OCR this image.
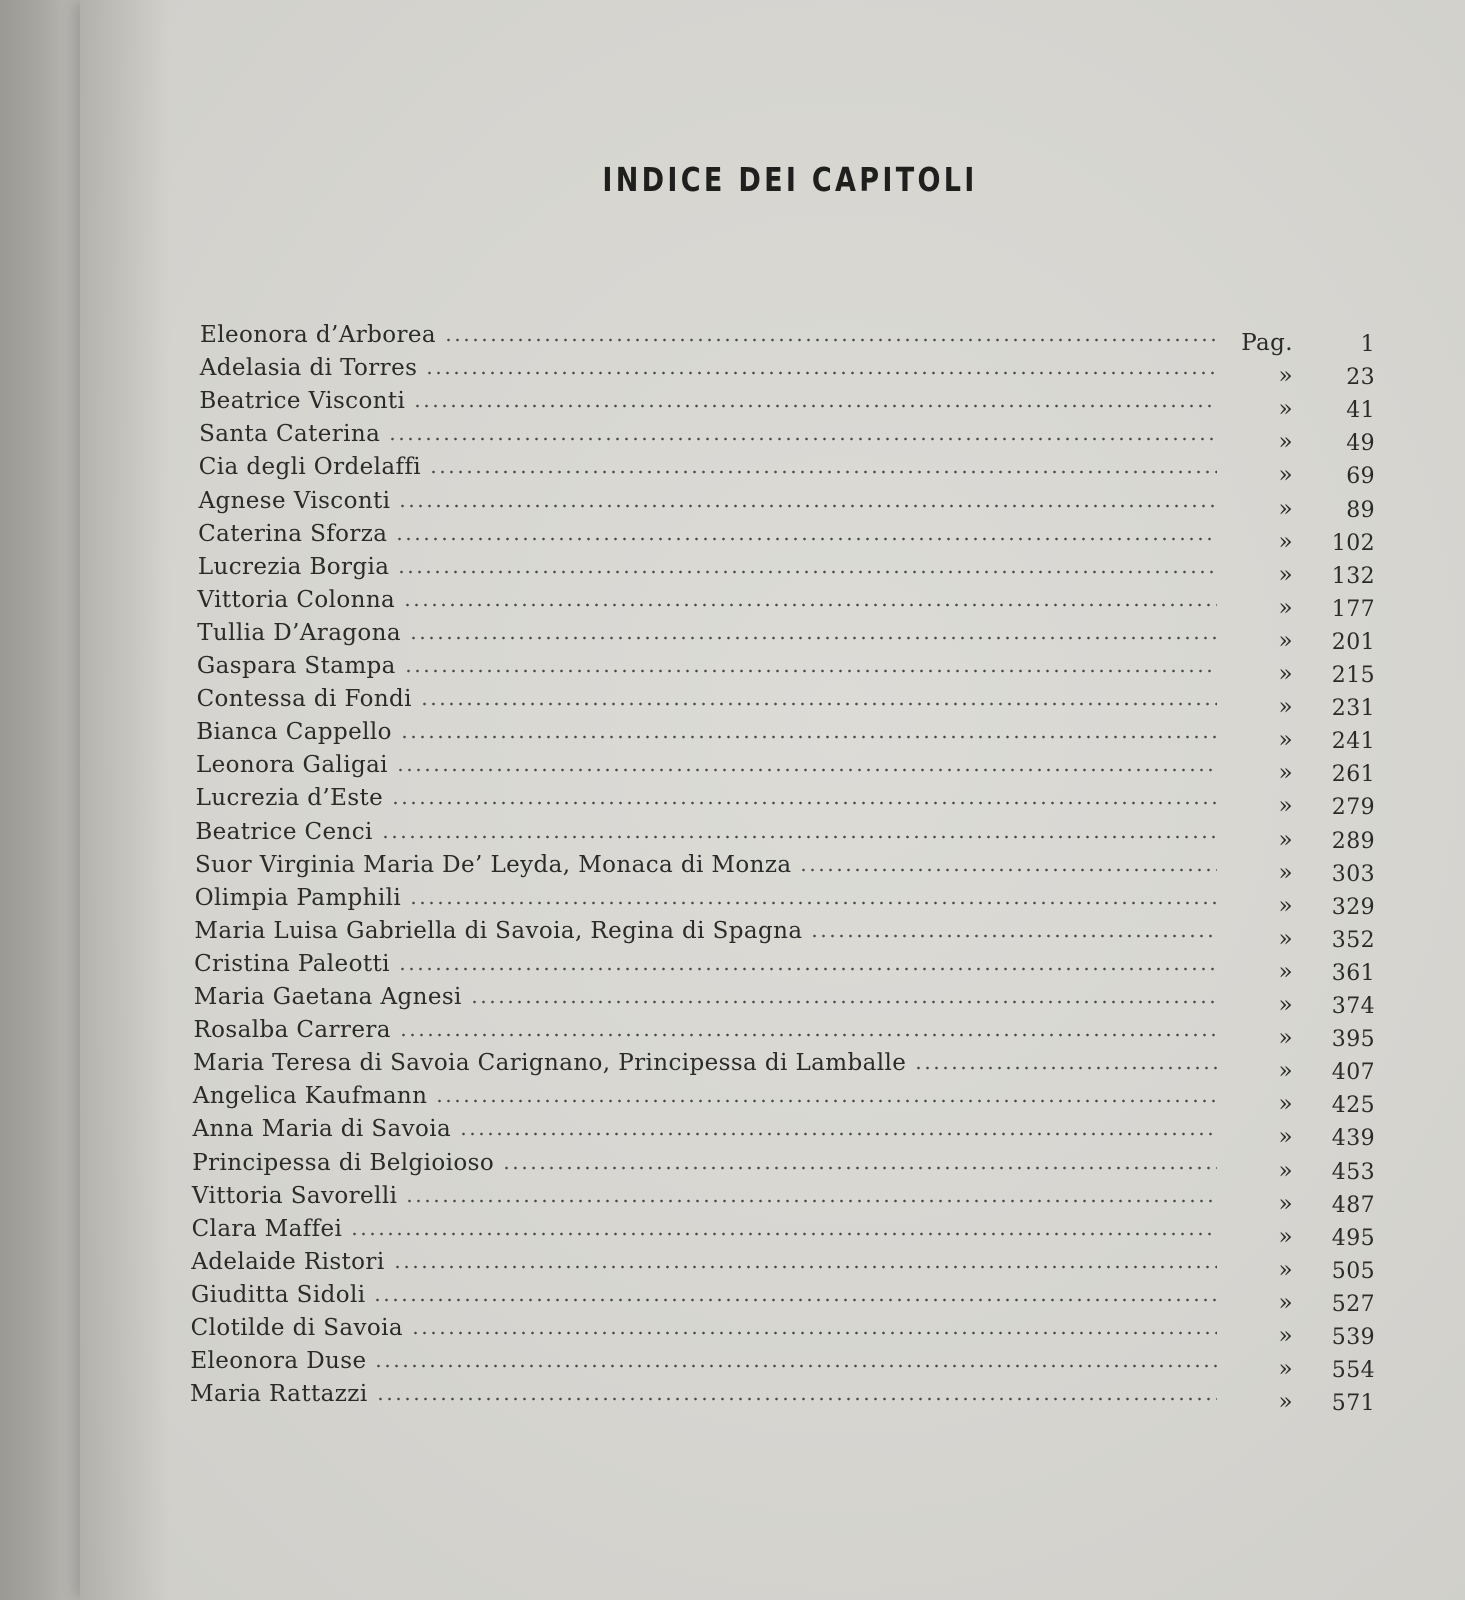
INDICE DEI CAPITOLI
Eleonora d’Arborea	Pag.	1
Adelasia di Torres	»	23
Beatrice Visconti	»	41
Santa Caterina	»	49
Cia degli Ordelaffi	»	69
Agnese Visconti	»	89
Caterina Sforza	»	102
Lucrezia Borgia	»	132
Vittoria Colonna	»	177
Tullia D’Aragona	»	201
Gaspara Stampa	»	215
Contessa di Fondi	»	231
Bianca Cappello	»	241
Leonora Galigai	»	261
Lucrezia d’Este	»	279
Beatrice Cenci	»	289
Suor Virginia Maria De’ Leyda, Monaca di Monza	»	303
Olimpia Pamphili	»	329
Maria Luisa Gabriella di Savoia, Regina di Spagna	»	352
Cristina Paleotti	»	361
Maria Gaetana Agnesi	»	374
Rosalba Carrera	»	395
Maria Teresa di Savoia Carignano, Principessa di Lamballe	»	407
Angelica Kaufmann	»	425
Anna Maria di Savoia	»	439
Principessa di Belgioioso	»	453
Vittoria Savorelli	»	487
Clara Maffei	»	495
Adelaide Ristori	»	505
Giuditta Sidoli	»	527
Clotilde di Savoia	»	539
Eleonora Duse	»	554
Maria Rattazzi	»	571
